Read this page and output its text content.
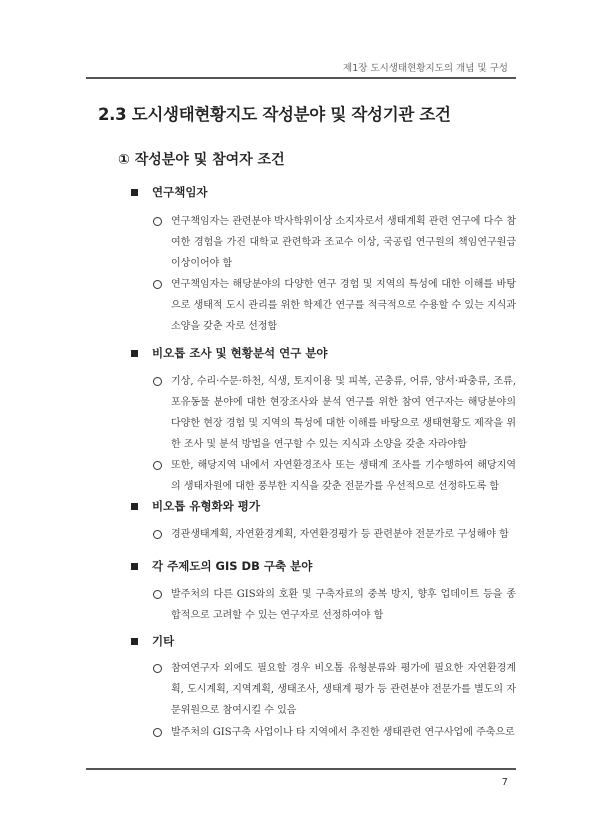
제1장 도시생태현황지도의 개념 및 구성
2.3 도시생태현황지도 작성분야 및 작성기관 조건
① 작성분야 및 참여자 조건
연구책임자
연구책임자는 관련분야 박사학위이상 소지자로서 생태계획 관련 연구에 다수 참여한 경험을 가진 대학교 관련학과 조교수 이상, 국공립 연구원의 책임연구원급 이상이어야 함
연구책임자는 해당분야의 다양한 연구 경험 및 지역의 특성에 대한 이해를 바탕으로 생태적 도시 관리를 위한 학제간 연구를 적극적으로 수용할 수 있는 지식과 소양을 갖춘 자로 선정함
비오톱 조사 및 현황분석 연구 분야
기상, 수리·수문·하천, 식생, 토지이용 및 피복, 곤충류, 어류, 양서·파충류, 조류, 포유동물 분야에 대한 현장조사와 분석 연구를 위한 참여 연구자는 해당분야의 다양한 현장 경험 및 지역의 특성에 대한 이해를 바탕으로 생태현황도 제작을 위한 조사 및 분석 방법을 연구할 수 있는 지식과 소양을 갖춘 자라야함
또한, 해당지역 내에서 자연환경조사 또는 생태계 조사를 기수행하여 해당지역의 생태자원에 대한 풍부한 지식을 갖춘 전문가를 우선적으로 선정하도록 함
비오톱 유형화와 평가
경관생태계획, 자연환경계획, 자연환경평가 등 관련분야 전문가로 구성해야 함
각 주제도의 GIS DB 구축 분야
발주처의 다른 GIS와의 호환 및 구축자료의 중복 방지, 향후 업데이트 등을 종합적으로 고려할 수 있는 연구자로 선정하여야 함
기타
참여연구자 외에도 필요할 경우 비오톱 유형분류와 평가에 필요한 자연환경계획, 도시계획, 지역계획, 생태조사, 생태계 평가 등 관련분야 전문가를 별도의 자문위원으로 참여시킬 수 있음
발주처의 GIS구축 사업이나 타 지역에서 추진한 생태관련 연구사업에 주축으로
7
